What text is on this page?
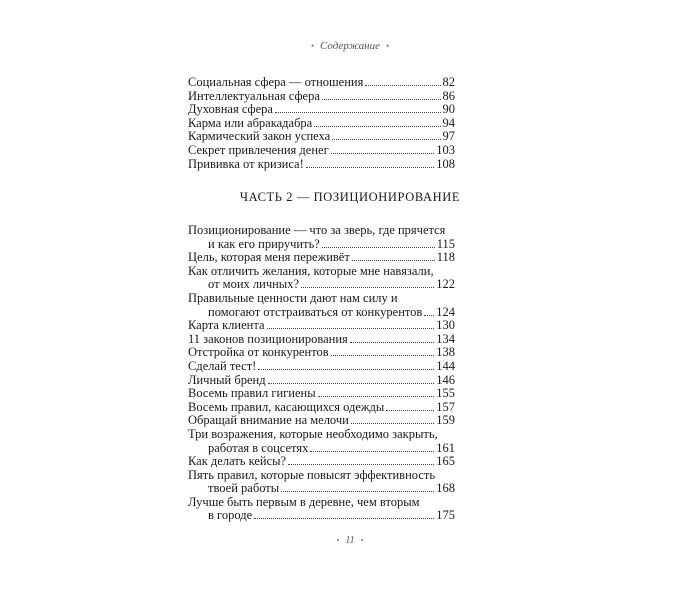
• Содержание •
Социальная сфера — отношения	82
Интеллектуальная сфера	86
Духовная сфера	90
Карма или абракадабра	94
Кармический закон успеха	97
Секрет привлечения денег	103
Прививка от кризиса!	108
ЧАСТЬ 2 — ПОЗИЦИОНИРОВАНИЕ
Позиционирование — что за зверь, где прячется
и как его приручить?	115
Цель, которая меня переживёт	118
Как отличить желания, которые мне навязали,
от моих личных?	122
Правильные ценности дают нам силу и
помогают отстраиваться от конкурентов 124
Карта клиента	130
11 законов позиционирования	134
Отстройка от конкурентов	138
Сделай тест!	144
Личный бренд	146
Восемь правил гигиены	155
Восемь правил, касающихся одежды	157
Обращай внимание на мелочи	159
Три возражения, которые необходимо закрыть,
работая в соцсетях	161
Как делать кейсы?	165
Пять правил, которые повысят эффективность
твоей работы	168
Лучше быть первым в деревне, чем вторым
в городе	175
• 11 •
